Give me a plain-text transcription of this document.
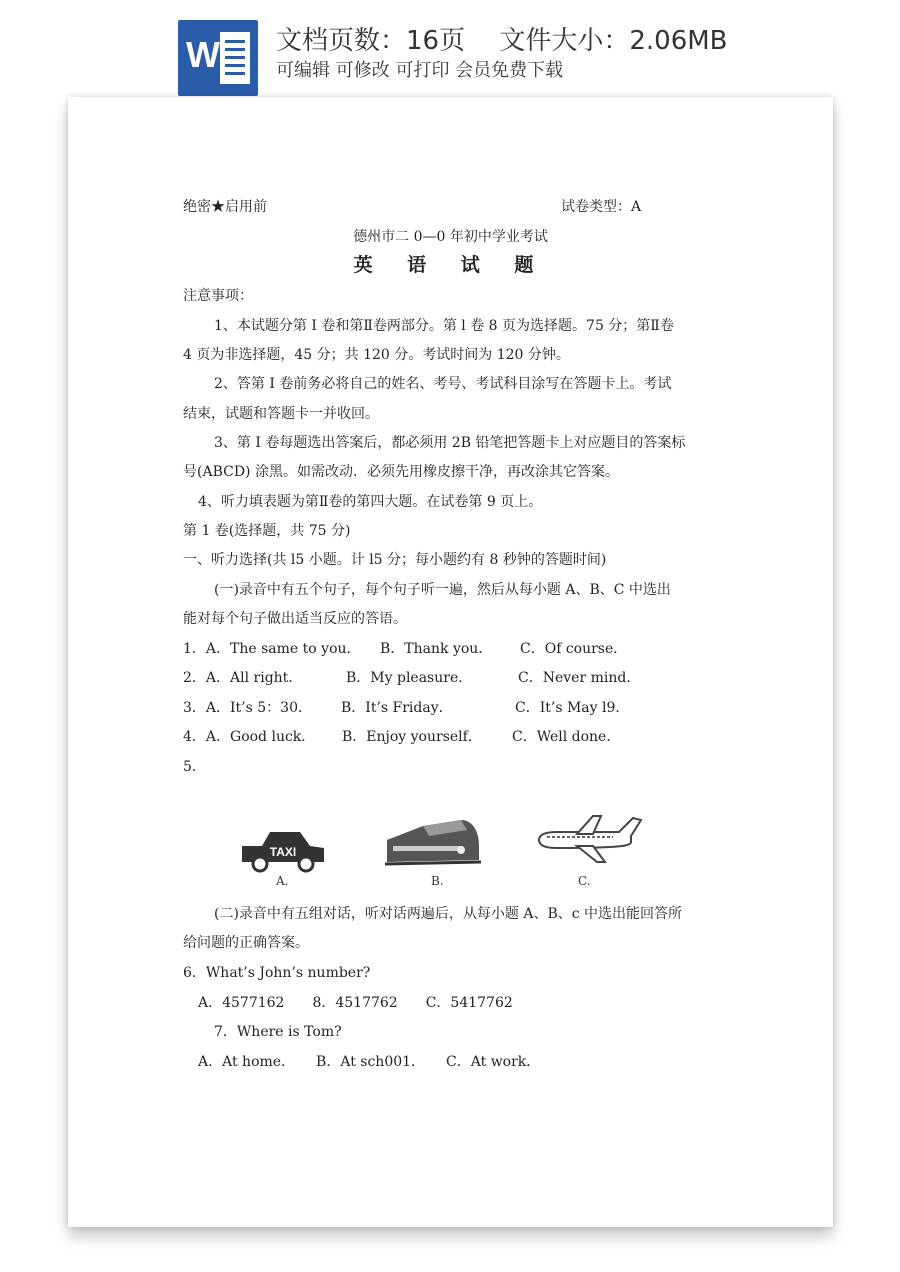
W 文档页数：16页　 文件大小：2.06MB
可编辑 可修改 可打印 会员免费下载
绝密★启用前	试卷类型：A
德州市二 0—0 年初中学业考试
英 语 试 题
注意事项：
1、本试题分第 I 卷和第Ⅱ卷两部分。第 l 卷 8 页为选择题。75 分；第Ⅱ卷
4 页为非选择题，45 分；共 120 分。考试时间为 120 分钟。
2、答第 I 卷前务必将自己的姓名、考号、考试科目涂写在答题卡上。考试
结束，试题和答题卡一并收回。
3、第 I 卷每题选出答案后，都必须用 2B 铅笔把答题卡上对应题目的答案标
号(ABCD) 涂黑。如需改动．必须先用橡皮擦干净，再改涂其它答案。
4、听力填表题为第Ⅱ卷的第四大题。在试卷第 9 页上。
第 1 卷(选择题，共 75 分)
一、听力选择(共 l5 小题。计 l5 分；每小题约有 8 秒钟的答题时间)
(一)录音中有五个句子，每个句子听一遍，然后从每小题 A、B、C 中选出
能对每个句子做出适当反应的答语。
1．A．The same to you． B．Thank you． C．Of course．
2．A．All right．	B．My pleasure．	C．Never mind．
3．A．It’s 5：30． B．It’s Friday．	C．It’s May l9．
4．A．Good luck． B．Enjoy yourself． C．Well done．
5.
TAXI
A.	B.	C.
(二)录音中有五组对话，听对话两遍后，从每小题 A、B、c 中选出能回答所
给问题的正确答案。
6．What’s John’s number?
A．4577162　　8．4517762　　C．5417762
7．Where is Tom?
A．At home．　　B．At sch001．　　C．At work．
